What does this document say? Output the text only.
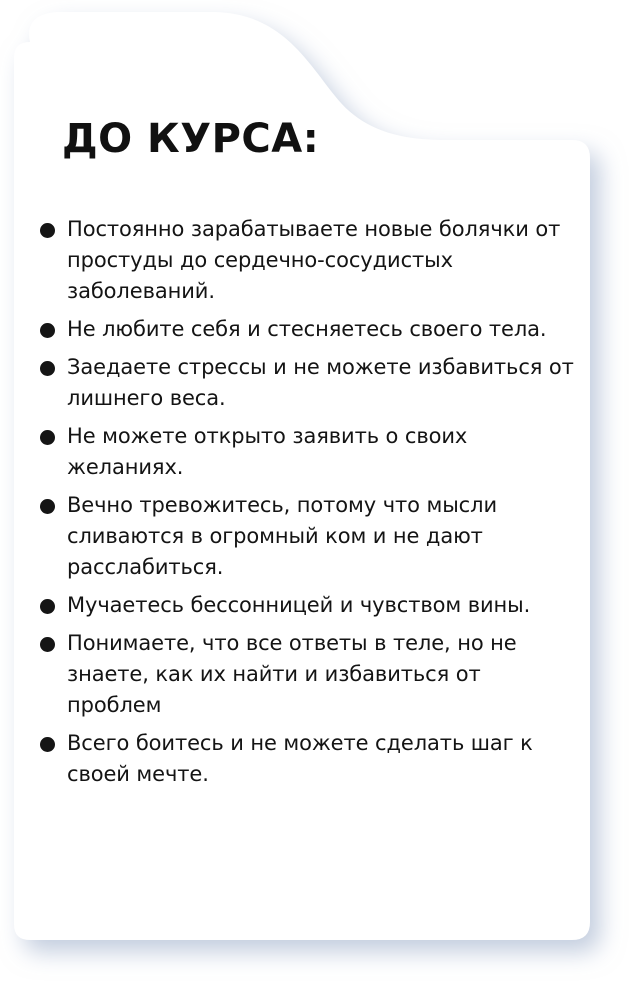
ДО КУРСА:
Постоянно зарабатываете новые болячки от простуды до сердечно-сосудистых заболеваний.
Не любите себя и стесняетесь своего тела.
Заедаете стрессы и не можете избавиться от лишнего веса.
Не можете открыто заявить о своих желаниях.
Вечно тревожитесь, потому что мысли сливаются в огромный ком и не дают расслабиться.
Мучаетесь бессонницей и чувством вины.
Понимаете, что все ответы в теле, но не знаете, как их найти и избавиться от проблем
Всего боитесь и не можете сделать шаг к своей мечте.
